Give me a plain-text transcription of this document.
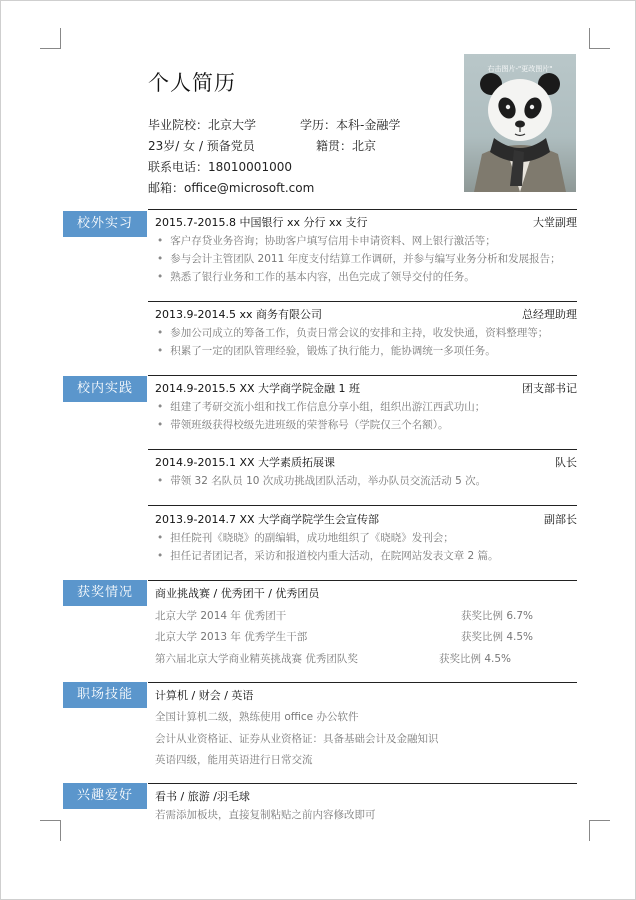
个人简历
毕业院校：北京大学	学历：本科-金融学
23岁/ 女 / 预备党员	籍贯：北京
联系电话：18010001000
邮箱：office@microsoft.com
右击图片-"更改图片"
校外实习	2015.7-2015.8 中国银行 xx 分行 xx 支行	大堂副理
• 客户存贷业务咨询；协助客户填写信用卡申请资料、网上银行激活等；
• 参与会计主管团队 2011 年度支付结算工作调研，并参与编写业务分析和发展报告；
• 熟悉了银行业务和工作的基本内容，出色完成了领导交付的任务。
2013.9-2014.5 xx 商务有限公司	总经理助理
• 参加公司成立的筹备工作，负责日常会议的安排和主持，收发快通，资料整理等；
• 积累了一定的团队管理经验，锻炼了执行能力，能协调统一多项任务。
校内实践	2014.9-2015.5 XX 大学商学院金融 1 班	团支部书记
• 组建了考研交流小组和找工作信息分享小组，组织出游江西武功山；
• 带领班级获得校级先进班级的荣誉称号（学院仅三个名额）。
2014.9-2015.1 XX 大学素质拓展课	队长
• 带领 32 名队员 10 次成功挑战团队活动，举办队员交流活动 5 次。
2013.9-2014.7 XX 大学商学院学生会宣传部	副部长
• 担任院刊《晓晓》的副编辑，成功地组织了《晓晓》发刊会；
• 担任记者团记者，采访和报道校内重大活动，在院网站发表文章 2 篇。
获奖情况	商业挑战赛 / 优秀团干 / 优秀团员
北京大学 2014 年 优秀团干	获奖比例 6.7%
北京大学 2013 年 优秀学生干部	获奖比例 4.5%
第六届北京大学商业精英挑战赛 优秀团队奖	获奖比例 4.5%
职场技能	计算机 / 财会 / 英语
全国计算机二级，熟练使用 office 办公软件
会计从业资格证、证券从业资格证：具备基础会计及金融知识
英语四级，能用英语进行日常交流
兴趣爱好	看书 / 旅游 /羽毛球
若需添加板块，直接复制粘贴之前内容修改即可
